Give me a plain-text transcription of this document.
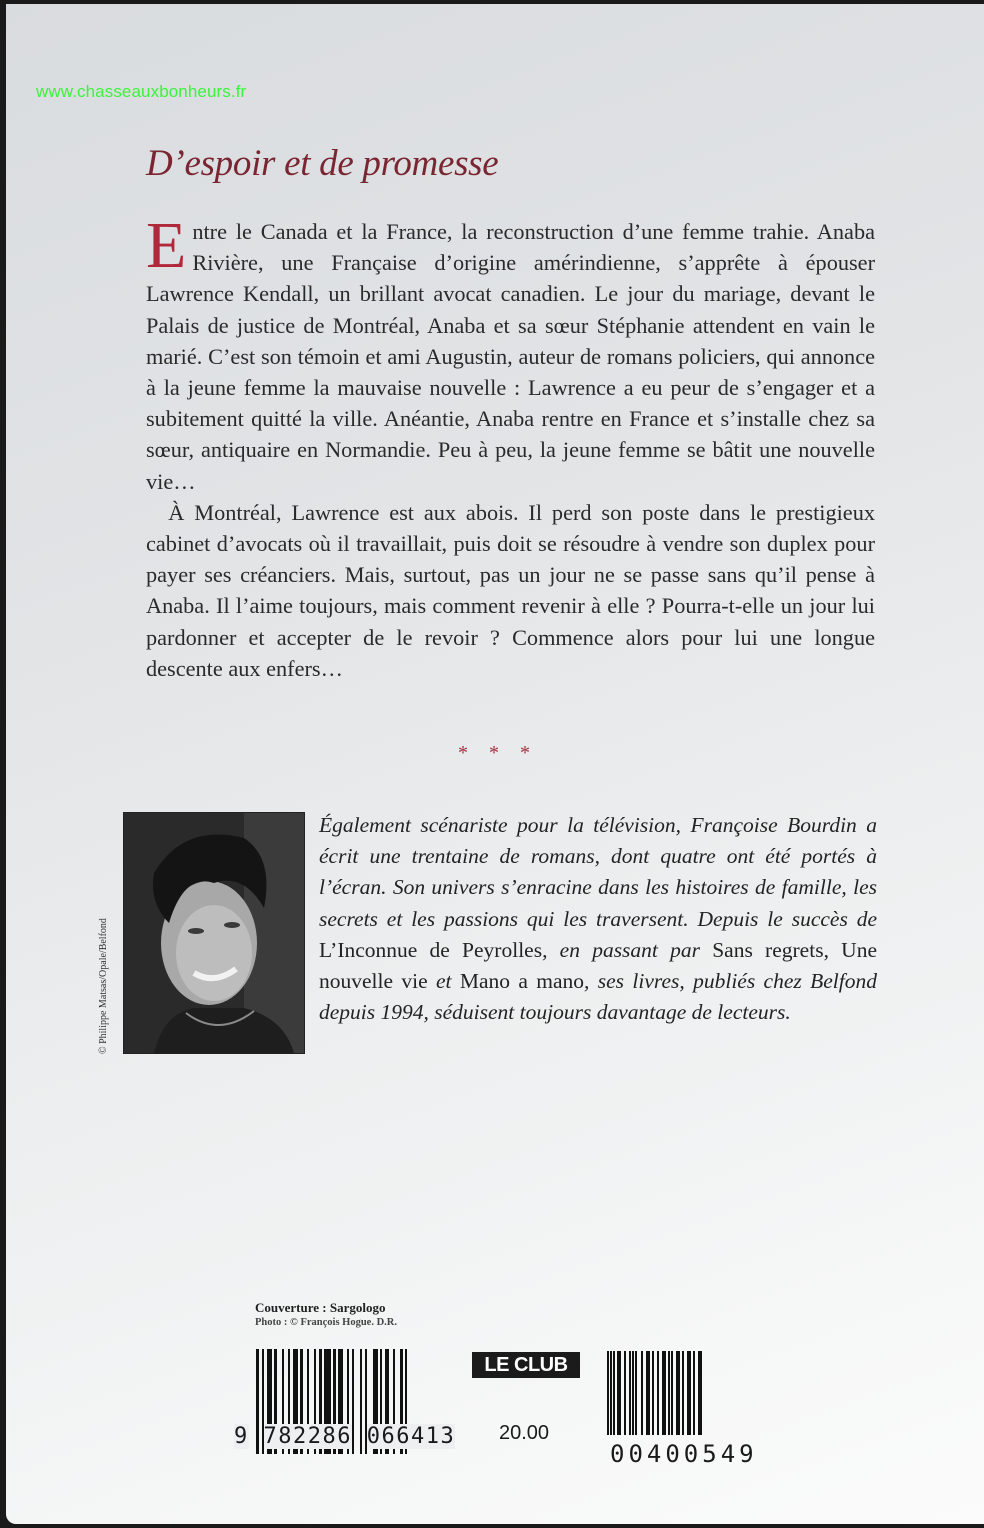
www.chasseauxbonheurs.fr
D’espoir et de promesse

Entre le Canada et la France, la reconstruction d’une femme trahie. Anaba Rivière, une Française d’origine amérindienne, s’apprête à épouser Lawrence Kendall, un brillant avocat canadien. Le jour du mariage, devant le Palais de justice de Montréal, Anaba et sa sœur Stéphanie attendent en vain le marié. C’est son témoin et ami Augustin, auteur de romans policiers, qui annonce à la jeune femme la mauvaise nouvelle : Lawrence a eu peur de s’engager et a subitement quitté la ville. Anéantie, Anaba rentre en France et s’installe chez sa sœur, antiquaire en Normandie. Peu à peu, la jeune femme se bâtit une nouvelle vie…

À Montréal, Lawrence est aux abois. Il perd son poste dans le prestigieux cabinet d’avocats où il travaillait, puis doit se résoudre à vendre son duplex pour payer ses créanciers. Mais, surtout, pas un jour ne se passe sans qu’il pense à Anaba. Il l’aime toujours, mais comment revenir à elle ? Pourra-t-elle un jour lui pardonner et accepter de le revoir ? Commence alors pour lui une longue descente aux enfers…

* * *
© Philippe Matsas/Opale/Belfond
Également scénariste pour la télévision, Françoise Bourdin a écrit une trentaine de romans, dont quatre ont été portés à l’écran. Son univers s’enracine dans les histoires de famille, les secrets et les passions qui les traversent. Depuis le succès de L’Inconnue de Peyrolles, en passant par Sans regrets, Une nouvelle vie et Mano a mano, ses livres, publiés chez Belfond depuis 1994, séduisent toujours davantage de lecteurs.
Couverture : Sargologo
Photo : © François Hogue. D.R.
9 782286 066413
LE CLUB
20.00
00400549
